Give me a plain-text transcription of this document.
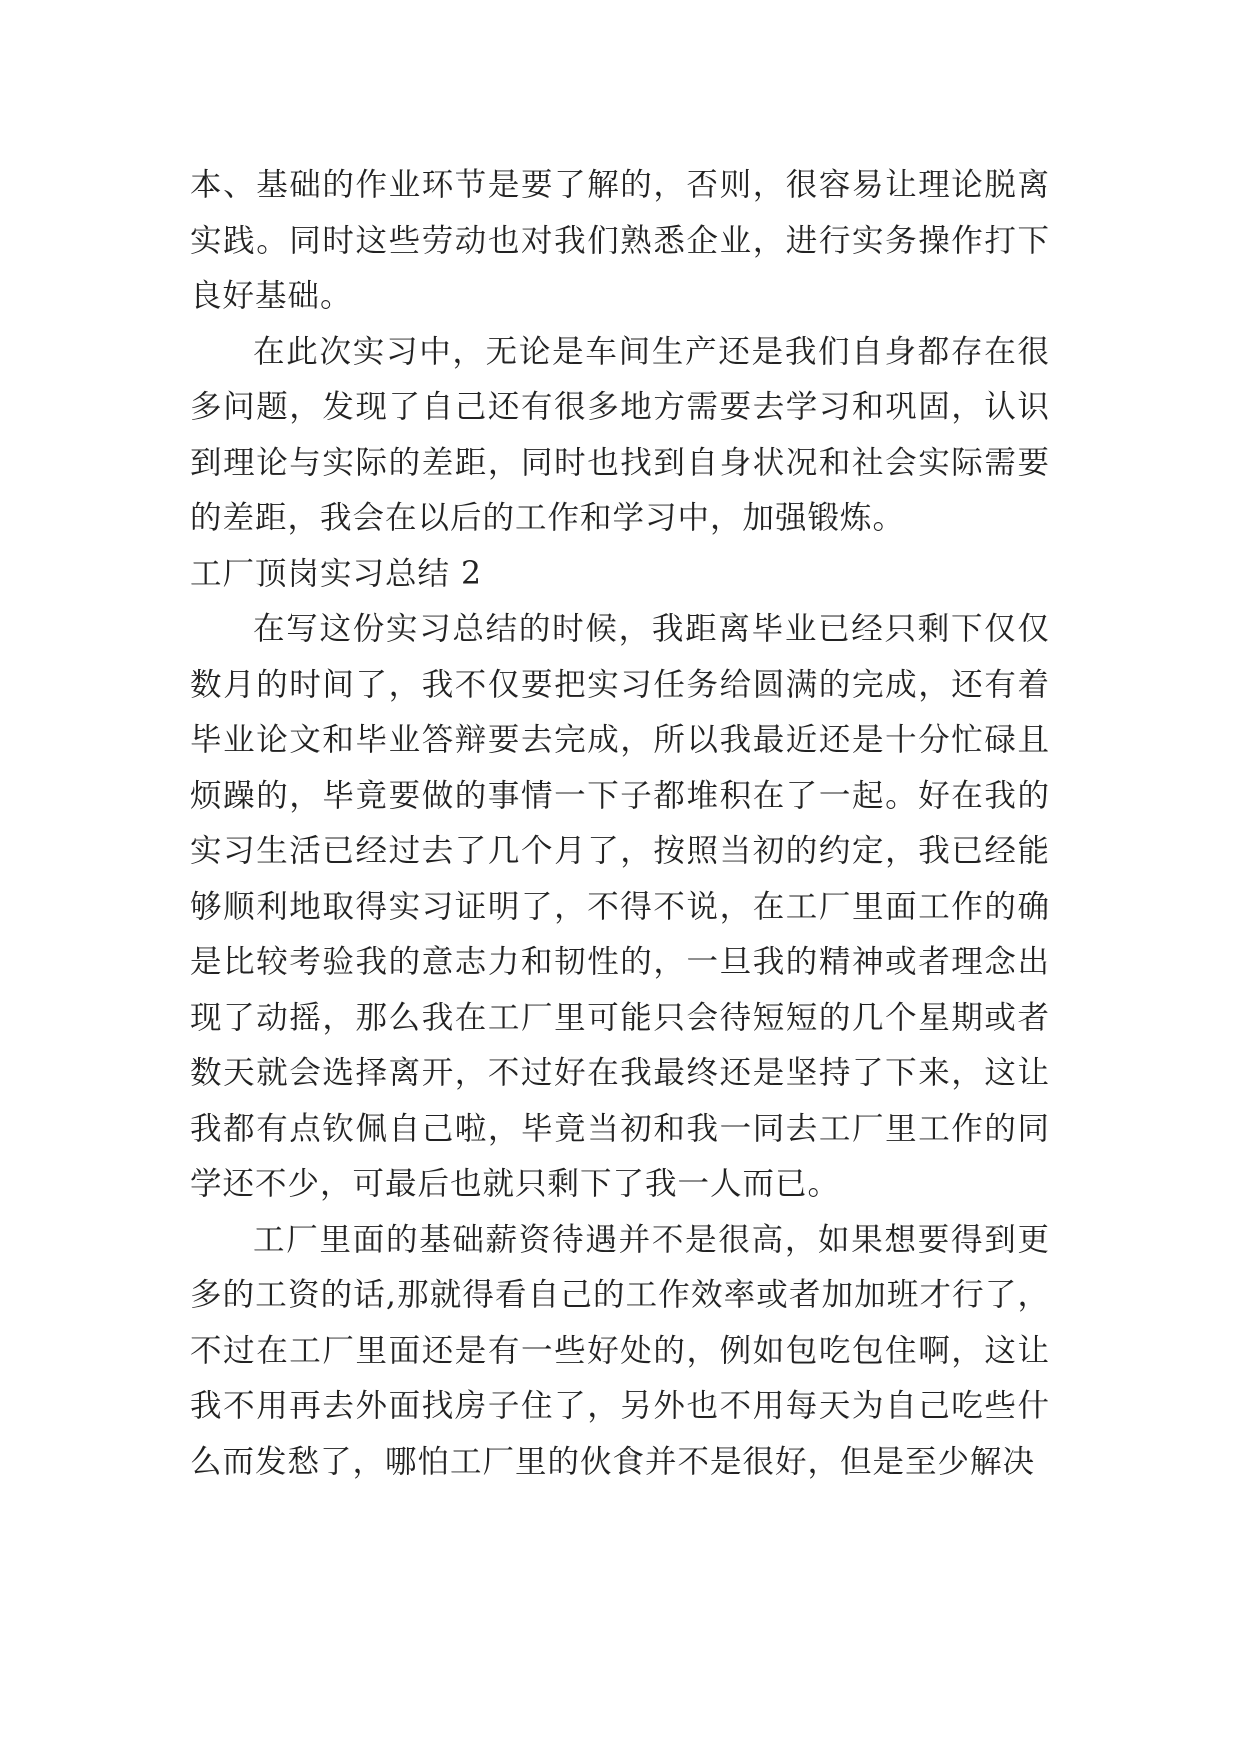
本、基础的作业环节是要了解的，否则，很容易让理论脱离实践。同时这些劳动也对我们熟悉企业，进行实务操作打下良好基础。

在此次实习中，无论是车间生产还是我们自身都存在很多问题，发现了自己还有很多地方需要去学习和巩固，认识到理论与实际的差距，同时也找到自身状况和社会实际需要的差距，我会在以后的工作和学习中，加强锻炼。

工厂顶岗实习总结 2

在写这份实习总结的时候，我距离毕业已经只剩下仅仅数月的时间了，我不仅要把实习任务给圆满的完成，还有着毕业论文和毕业答辩要去完成，所以我最近还是十分忙碌且烦躁的，毕竟要做的事情一下子都堆积在了一起。好在我的实习生活已经过去了几个月了，按照当初的约定，我已经能够顺利地取得实习证明了，不得不说，在工厂里面工作的确是比较考验我的意志力和韧性的，一旦我的精神或者理念出现了动摇，那么我在工厂里可能只会待短短的几个星期或者数天就会选择离开，不过好在我最终还是坚持了下来，这让我都有点钦佩自己啦，毕竟当初和我一同去工厂里工作的同学还不少，可最后也就只剩下了我一人而已。

工厂里面的基础薪资待遇并不是很高，如果想要得到更多的工资的话,那就得看自己的工作效率或者加加班才行了，不过在工厂里面还是有一些好处的，例如包吃包住啊，这让我不用再去外面找房子住了，另外也不用每天为自己吃些什么而发愁了，哪怕工厂里的伙食并不是很好，但是至少解决
